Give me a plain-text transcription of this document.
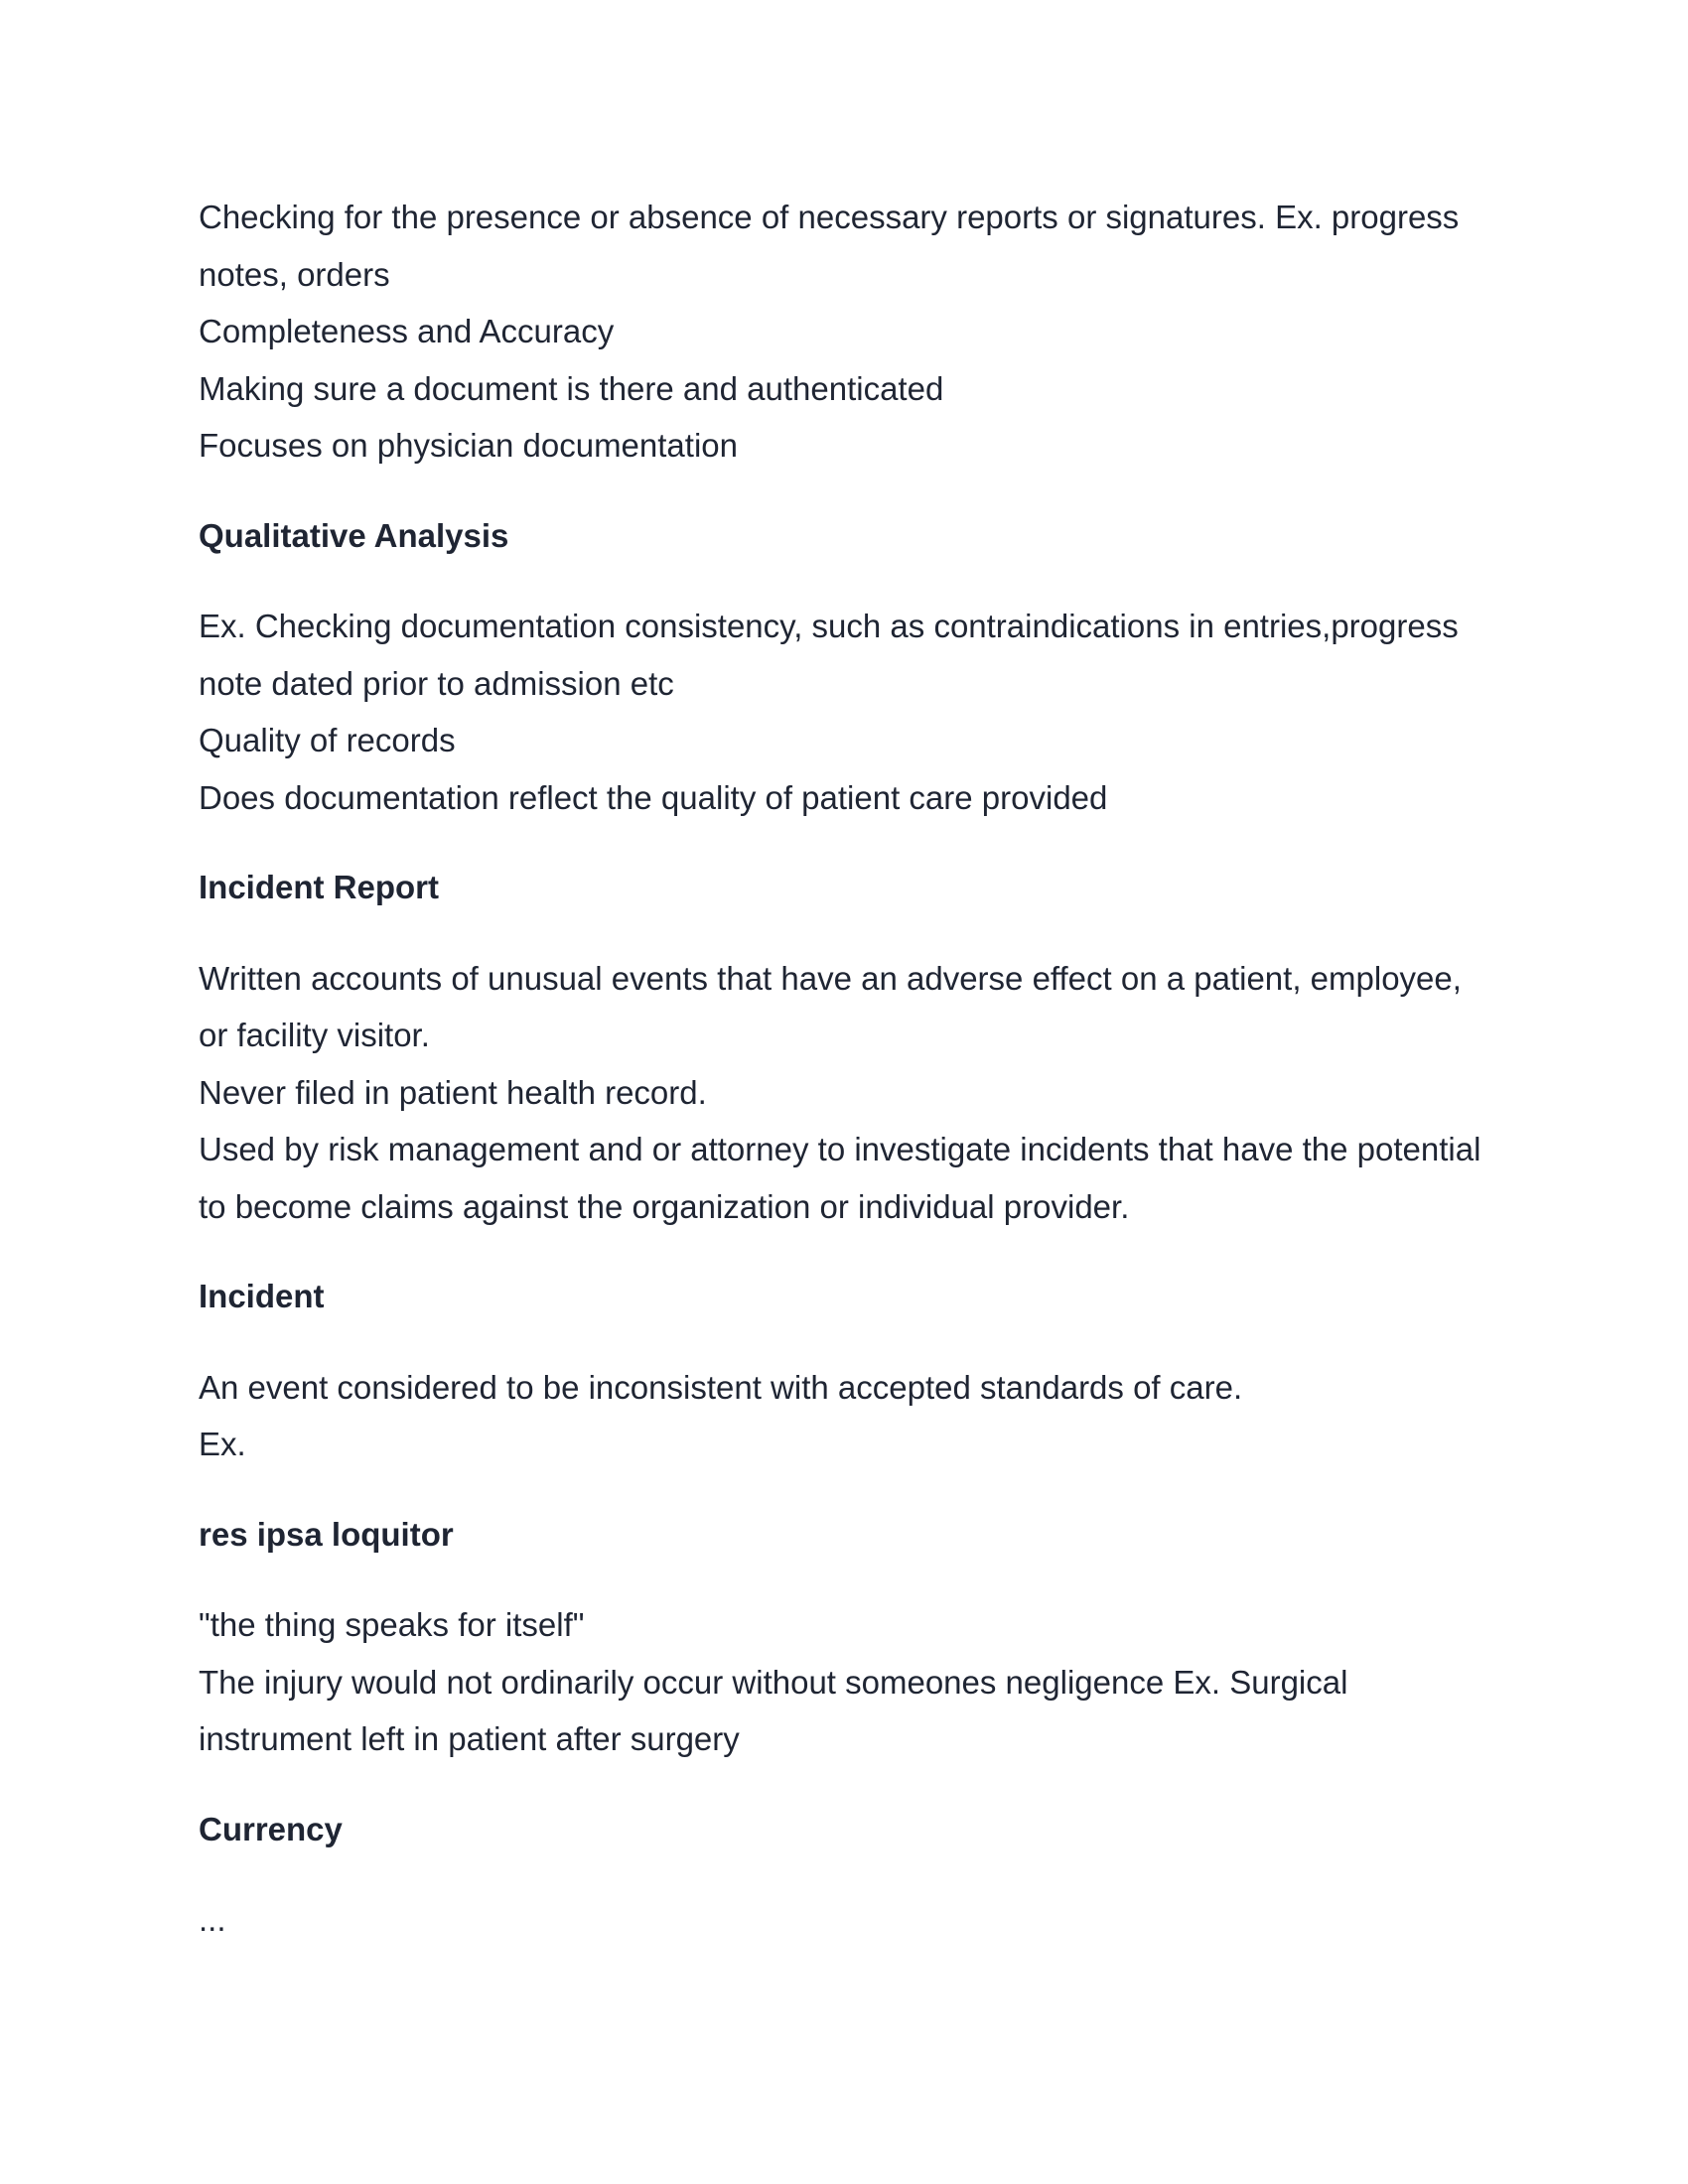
Checking for the presence or absence of necessary reports or signatures. Ex. progress notes, orders

Completeness and Accuracy

Making sure a document is there and authenticated

Focuses on physician documentation

Qualitative Analysis

Ex. Checking documentation consistency, such as contraindications in entries,progress note dated prior to admission etc

Quality of records

Does documentation reflect the quality of patient care provided

Incident Report

Written accounts of unusual events that have an adverse effect on a patient, employee, or facility visitor.

Never filed in patient health record.

Used by risk management and or attorney to investigate incidents that have the potential to become claims against the organization or individual provider.

Incident

An event considered to be inconsistent with accepted standards of care.

Ex.

res ipsa loquitor

"the thing speaks for itself"

The injury would not ordinarily occur without someones negligence Ex. Surgical instrument left in patient after surgery

Currency

...
